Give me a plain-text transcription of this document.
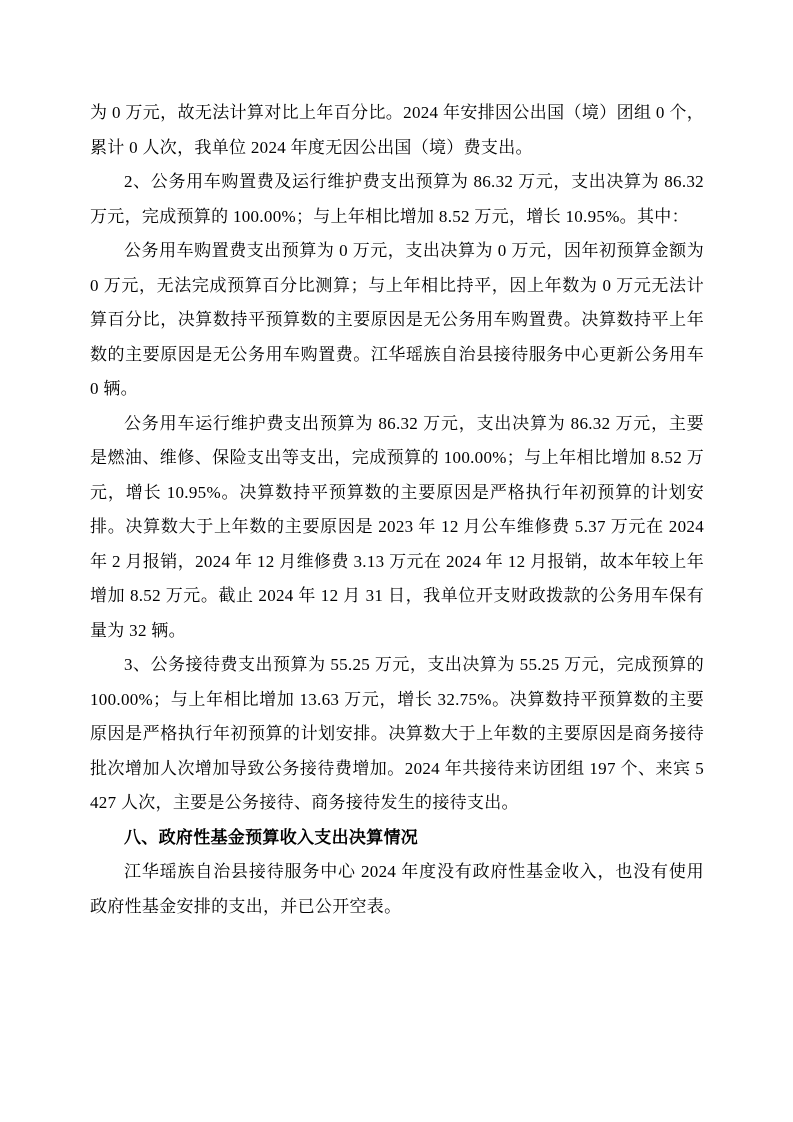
为 0 万元，故无法计算对比上年百分比。2024 年安排因公出国（境）团组 0 个，累计 0 人次，我单位 2024 年度无因公出国（境）费支出。

2、公务用车购置费及运行维护费支出预算为 86.32 万元，支出决算为 86.32 万元，完成预算的 100.00%；与上年相比增加 8.52 万元，增长 10.95%。其中：

公务用车购置费支出预算为 0 万元，支出决算为 0 万元，因年初预算金额为 0 万元，无法完成预算百分比测算；与上年相比持平，因上年数为 0 万元无法计算百分比，决算数持平预算数的主要原因是无公务用车购置费。决算数持平上年数的主要原因是无公务用车购置费。江华瑶族自治县接待服务中心更新公务用车 0 辆。

公务用车运行维护费支出预算为 86.32 万元，支出决算为 86.32 万元，主要是燃油、维修、保险支出等支出，完成预算的 100.00%；与上年相比增加 8.52 万元，增长 10.95%。决算数持平预算数的主要原因是严格执行年初预算的计划安排。决算数大于上年数的主要原因是 2023 年 12 月公车维修费 5.37 万元在 2024 年 2 月报销，2024 年 12 月维修费 3.13 万元在 2024 年 12 月报销，故本年较上年增加 8.52 万元。截止 2024 年 12 月 31 日，我单位开支财政拨款的公务用车保有量为 32 辆。

3、公务接待费支出预算为 55.25 万元，支出决算为 55.25 万元，完成预算的 100.00%；与上年相比增加 13.63 万元，增长 32.75%。决算数持平预算数的主要原因是严格执行年初预算的计划安排。决算数大于上年数的主要原因是商务接待批次增加人次增加导致公务接待费增加。2024 年共接待来访团组 197 个、来宾 5427 人次，主要是公务接待、商务接待发生的接待支出。

八、政府性基金预算收入支出决算情况

江华瑶族自治县接待服务中心 2024 年度没有政府性基金收入，也没有使用政府性基金安排的支出，并已公开空表。
